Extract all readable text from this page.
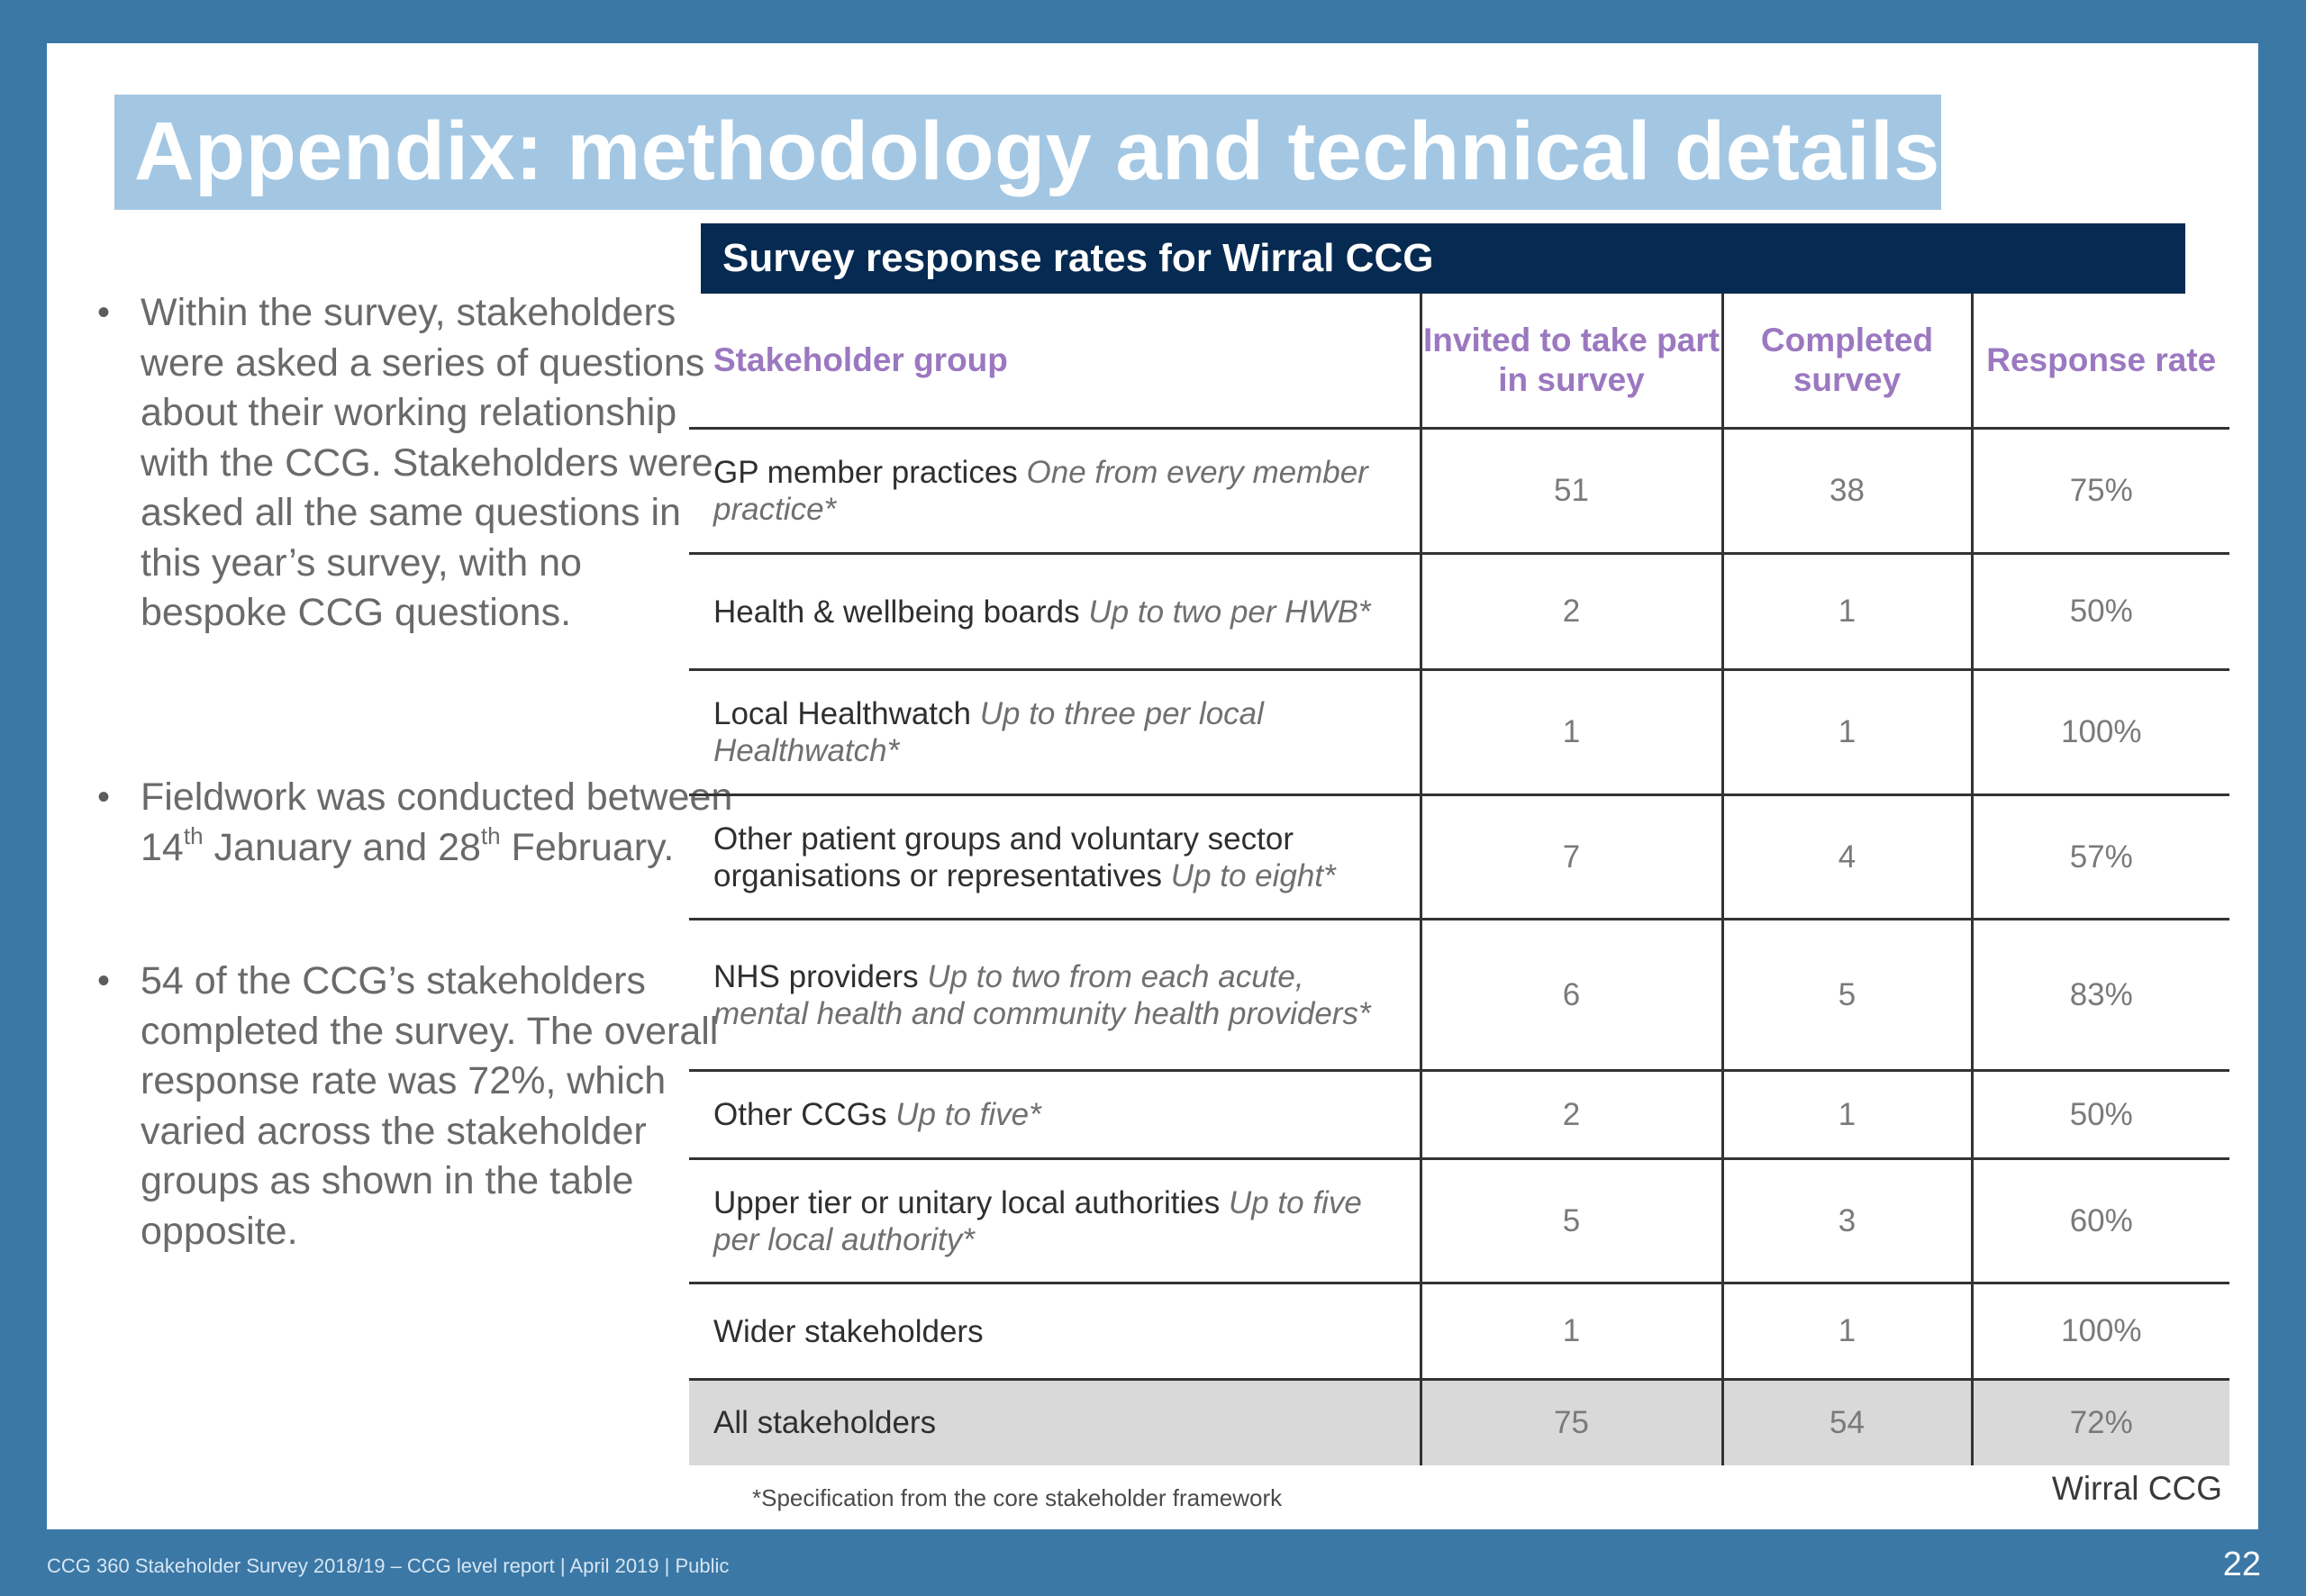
Appendix: methodology and technical details

• Within the survey, stakeholders were asked a series of questions about their working relationship with the CCG. Stakeholders were asked all the same questions in this year’s survey, with no bespoke CCG questions.

• Fieldwork was conducted between 14th January and 28th February.

• 54 of the CCG’s stakeholders completed the survey. The overall response rate was 72%, which varied across the stakeholder groups as shown in the table opposite.

Survey response rates for Wirral CCG
Stakeholder group	Invited to take part in survey	Completed survey	Response rate
GP member practices One from every member practice*	51	38	75%
Health & wellbeing boards Up to two per HWB*	2	1	50%
Local Healthwatch Up to three per local Healthwatch*	1	1	100%
Other patient groups and voluntary sector organisations or representatives Up to eight*	7	4	57%
NHS providers Up to two from each acute, mental health and community health providers*	6	5	83%
Other CCGs Up to five*	2	1	50%
Upper tier or unitary local authorities Up to five per local authority*	5	3	60%
Wider stakeholders	1	1	100%
All stakeholders	75	54	72%
*Specification from the core stakeholder framework	Wirral CCG
CCG 360 Stakeholder Survey 2018/19 – CCG level report | April 2019 | Public	22
